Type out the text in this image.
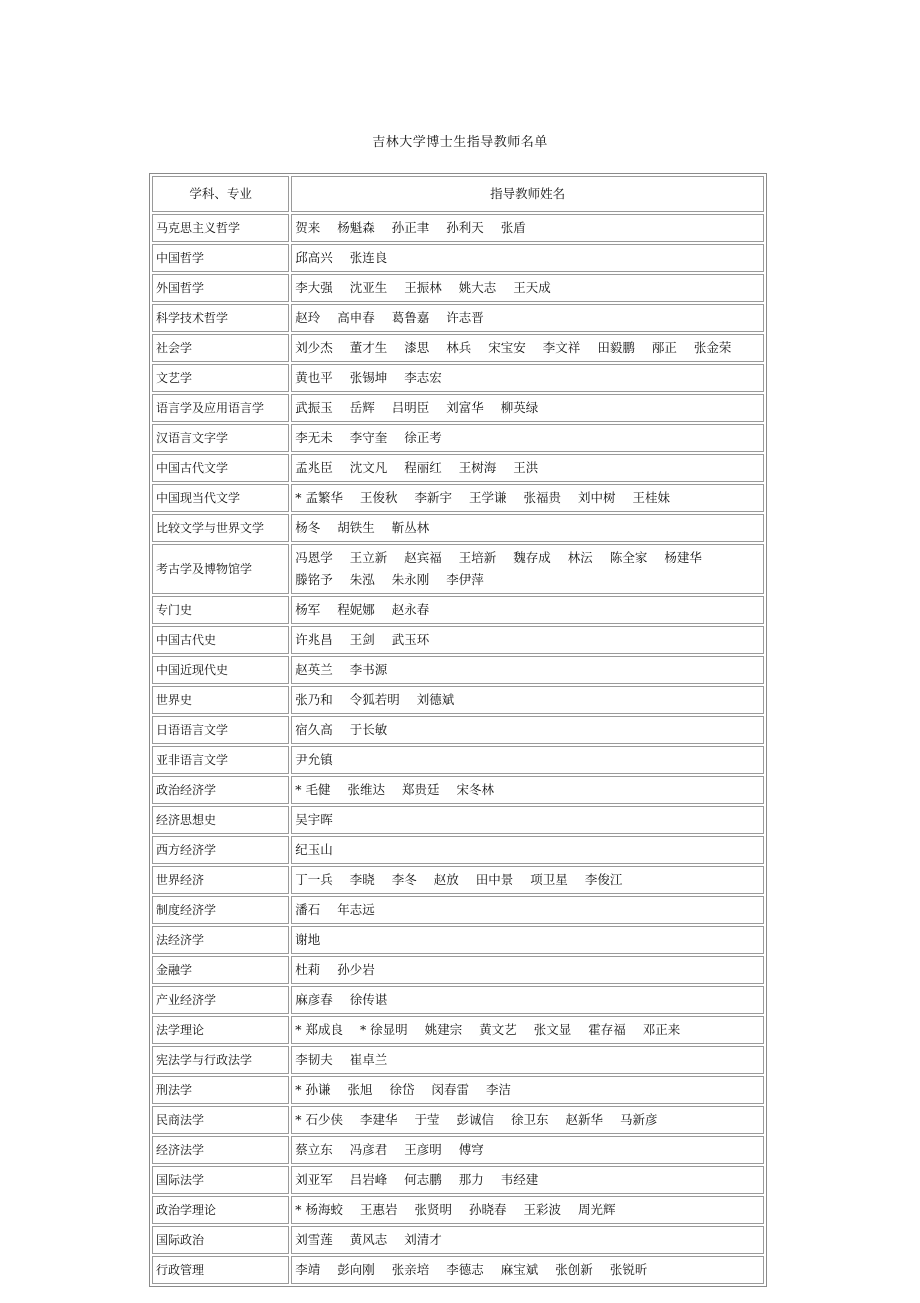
吉林大学博士生指导教师名单
学科、专业	指导教师姓名
马克思主义哲学	贺来 杨魁森 孙正聿 孙利天 张盾
中国哲学	邱高兴 张连良
外国哲学	李大强 沈亚生 王振林 姚大志 王天成
科学技术哲学	赵玲 高申春 葛鲁嘉 许志晋
社会学	刘少杰 董才生 漆思 林兵 宋宝安 李文祥 田毅鹏 邴正 张金荣
文艺学	黄也平 张锡坤 李志宏
语言学及应用语言学	武振玉 岳辉 吕明臣 刘富华 柳英绿
汉语言文字学	李无未 李守奎 徐正考
中国古代文学	孟兆臣 沈文凡 程丽红 王树海 王洪
中国现当代文学	* 孟繁华 王俊秋 李新宇 王学谦 张福贵 刘中树 王桂妹
比较文学与世界文学	杨冬 胡铁生 靳丛林
考古学及博物馆学	冯恩学 王立新 赵宾福 王培新 魏存成 林沄 陈全家 杨建华滕铭予 朱泓 朱永刚 李伊萍
专门史	杨军 程妮娜 赵永春
中国古代史	许兆昌 王剑 武玉环
中国近现代史	赵英兰 李书源
世界史	张乃和 令狐若明 刘德斌
日语语言文学	宿久高 于长敏
亚非语言文学	尹允镇
政治经济学	* 毛健 张维达 郑贵廷 宋冬林
经济思想史	吴宇晖
西方经济学	纪玉山
世界经济	丁一兵 李晓 李冬 赵放 田中景 项卫星 李俊江
制度经济学	潘石 年志远
法经济学	谢地
金融学	杜莉 孙少岩
产业经济学	麻彦春 徐传谌
法学理论	* 郑成良 * 徐显明 姚建宗 黄文艺 张文显 霍存福 邓正来
宪法学与行政法学	李韧夫 崔卓兰
刑法学	* 孙谦 张旭 徐岱 闵春雷 李洁
民商法学	* 石少侠 李建华 于莹 彭诚信 徐卫东 赵新华 马新彦
经济法学	蔡立东 冯彦君 王彦明 傅穹
国际法学	刘亚军 吕岩峰 何志鹏 那力 韦经建
政治学理论	* 杨海蛟 王惠岩 张贤明 孙晓春 王彩波 周光辉
国际政治	刘雪莲 黄风志 刘清才
行政管理	李靖 彭向刚 张亲培 李德志 麻宝斌 张创新 张锐昕
